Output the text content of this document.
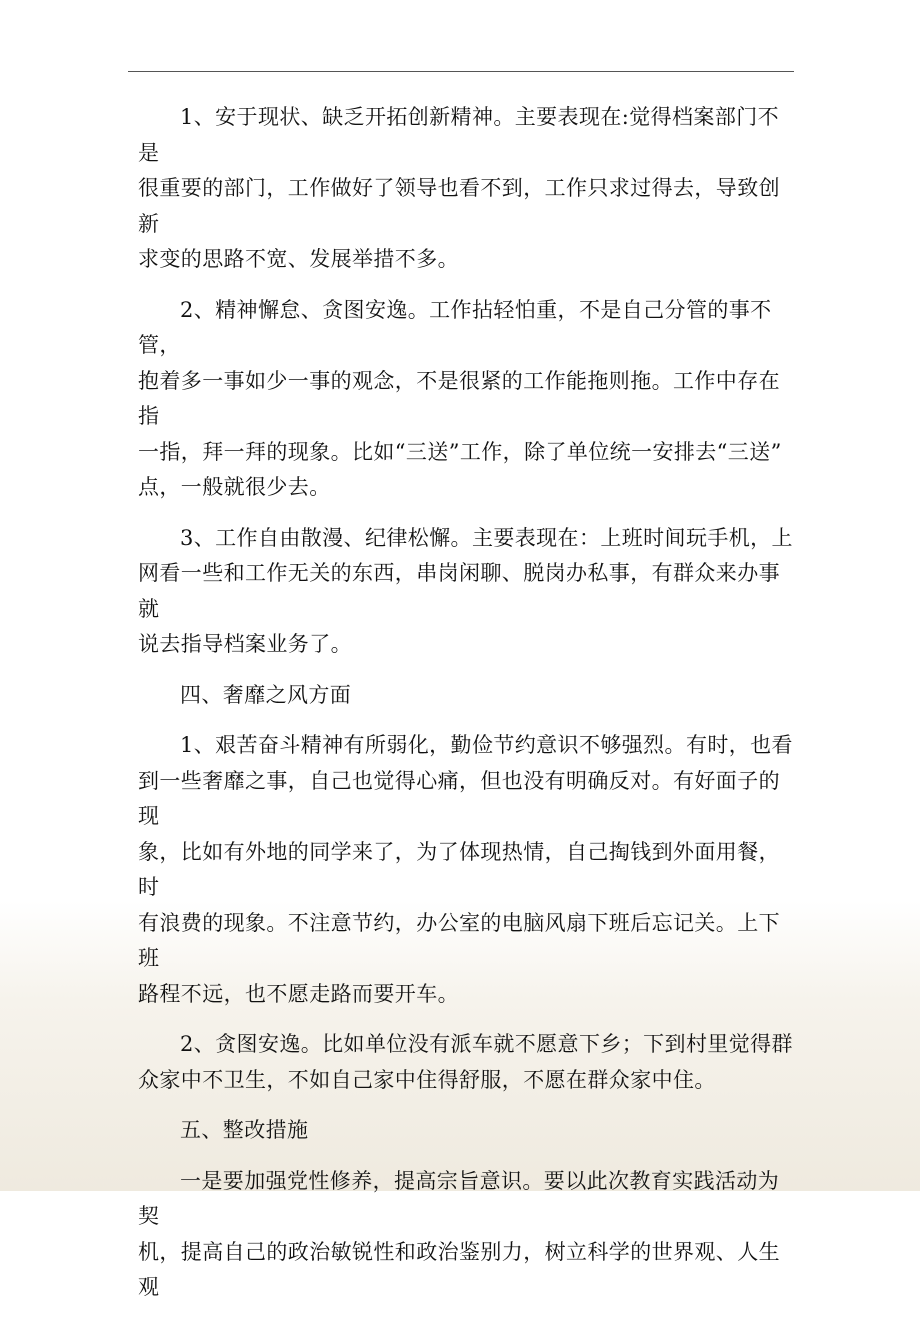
1、安于现状、缺乏开拓创新精神。主要表现在:觉得档案部门不是
很重要的部门，工作做好了领导也看不到，工作只求过得去，导致创新
求变的思路不宽、发展举措不多。

2、精神懈怠、贪图安逸。工作拈轻怕重，不是自己分管的事不管，
抱着多一事如少一事的观念，不是很紧的工作能拖则拖。工作中存在指
一指，拜一拜的现象。比如“三送”工作，除了单位统一安排去“三送”
点，一般就很少去。

3、工作自由散漫、纪律松懈。主要表现在：上班时间玩手机，上
网看一些和工作无关的东西，串岗闲聊、脱岗办私事，有群众来办事就
说去指导档案业务了。

四、奢靡之风方面

1、艰苦奋斗精神有所弱化，勤俭节约意识不够强烈。有时，也看
到一些奢靡之事，自己也觉得心痛，但也没有明确反对。有好面子的现
象，比如有外地的同学来了，为了体现热情，自己掏钱到外面用餐，时
有浪费的现象。不注意节约，办公室的电脑风扇下班后忘记关。上下班
路程不远，也不愿走路而要开车。

2、贪图安逸。比如单位没有派车就不愿意下乡；下到村里觉得群
众家中不卫生，不如自己家中住得舒服，不愿在群众家中住。

五、整改措施

一是要加强党性修养，提高宗旨意识。要以此次教育实践活动为契
机，提高自己的政治敏锐性和政治鉴别力，树立科学的世界观、人生观
